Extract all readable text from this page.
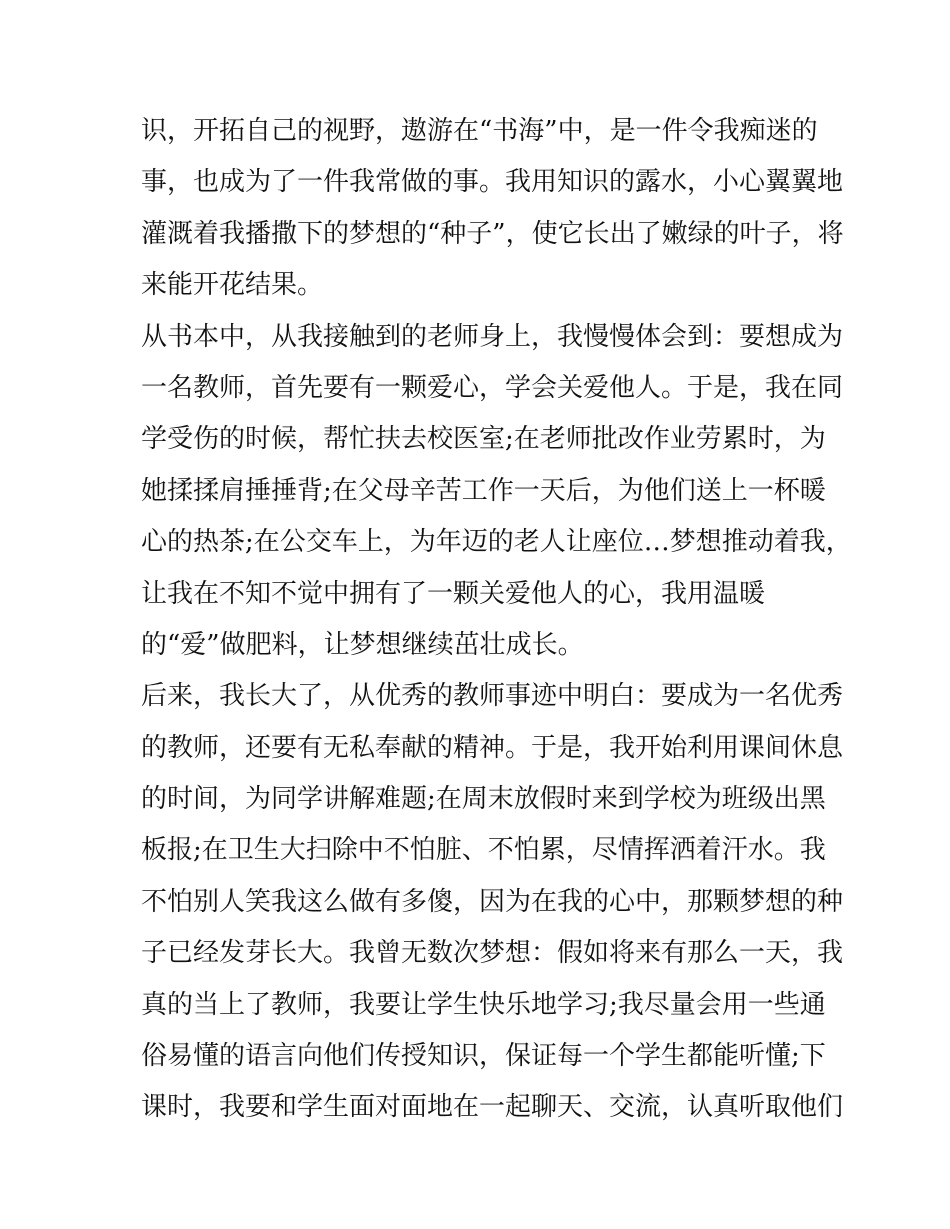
识，开拓自己的视野，遨游在“书海”中，是一件令我痴迷的

事，也成为了一件我常做的事。我用知识的露水，小心翼翼地

灌溉着我播撒下的梦想的“种子”，使它长出了嫩绿的叶子，将

来能开花结果。

从书本中，从我接触到的老师身上，我慢慢体会到：要想成为

一名教师，首先要有一颗爱心，学会关爱他人。于是，我在同

学受伤的时候，帮忙扶去校医室;在老师批改作业劳累时，为

她揉揉肩捶捶背;在父母辛苦工作一天后，为他们送上一杯暖

心的热茶;在公交车上，为年迈的老人让座位…梦想推动着我，

让我在不知不觉中拥有了一颗关爱他人的心，我用温暖

的“爱”做肥料，让梦想继续茁壮成长。

后来，我长大了，从优秀的教师事迹中明白：要成为一名优秀

的教师，还要有无私奉献的精神。于是，我开始利用课间休息

的时间，为同学讲解难题;在周末放假时来到学校为班级出黑

板报;在卫生大扫除中不怕脏、不怕累，尽情挥洒着汗水。我

不怕别人笑我这么做有多傻，因为在我的心中，那颗梦想的种

子已经发芽长大。我曾无数次梦想：假如将来有那么一天，我

真的当上了教师，我要让学生快乐地学习;我尽量会用一些通

俗易懂的语言向他们传授知识，保证每一个学生都能听懂;下

课时，我要和学生面对面地在一起聊天、交流，认真听取他们
